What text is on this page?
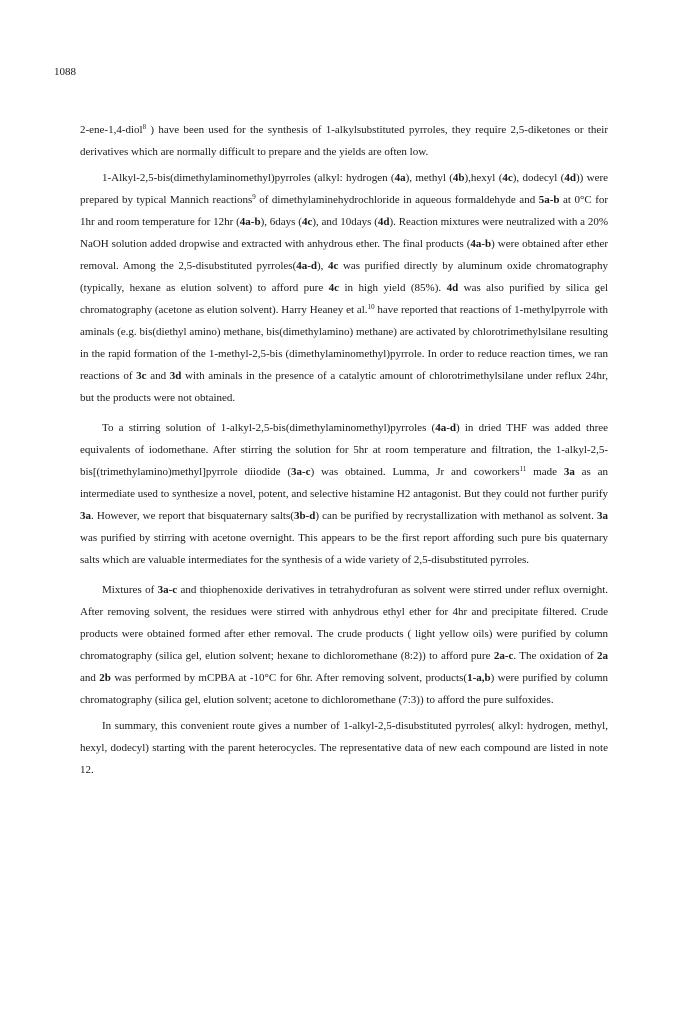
1088

2-ene-1,4-diol$^8$ ) have been used for the synthesis of 1-alkylsubstituted pyrroles, they require 2,5-diketones or their derivatives which are normally difficult to prepare and the yields are often low.

1-Alkyl-2,5-bis(dimethylaminomethyl)pyrroles (alkyl: hydrogen (4a), methyl (4b),hexyl (4c), dodecyl (4d)) were prepared by typical Mannich reactions$^9$ of dimethylaminehydrochloride in aqueous formaldehyde and 5a-b at 0°C for 1hr and room temperature for 12hr (4a-b), 6days (4c), and 10days (4d). Reaction mixtures were neutralized with a 20% NaOH solution added dropwise and extracted with anhydrous ether. The final products (4a-b) were obtained after ether removal. Among the 2,5-disubstituted pyrroles(4a-d), 4c was purified directly by aluminum oxide chromatography (typically, hexane as elution solvent) to afford pure 4c in high yield (85%). 4d was also purified by silica gel chromatography (acetone as elution solvent). Harry Heaney et al.$^{10}$ have reported that reactions of 1-methylpyrrole with aminals (e.g. bis(diethyl amino) methane, bis(dimethylamino) methane) are activated by chlorotrimethylsilane resulting in the rapid formation of the 1-methyl-2,5-bis (dimethylaminomethyl)pyrrole. In order to reduce reaction times, we ran reactions of 3c and 3d with aminals in the presence of a catalytic amount of chlorotrimethylsilane under reflux 24hr, but the products were not obtained.

To a stirring solution of 1-alkyl-2,5-bis(dimethylaminomethyl)pyrroles (4a-d) in dried THF was added three equivalents of iodomethane. After stirring the solution for 5hr at room temperature and filtration, the 1-alkyl-2,5-bis[(trimethylamino)methyl]pyrrole diiodide (3a-c) was obtained. Lumma, Jr and coworkers$^{11}$ made 3a as an intermediate used to synthesize a novel, potent, and selective histamine H2 antagonist. But they could not further purify 3a. However, we report that bisquaternary salts(3b-d) can be purified by recrystallization with methanol as solvent. 3a was purified by stirring with acetone overnight. This appears to be the first report affording such pure bis quaternary salts which are valuable intermediates for the synthesis of a wide variety of 2,5-disubstituted pyrroles.

Mixtures of 3a-c and thiophenoxide derivatives in tetrahydrofuran as solvent were stirred under reflux overnight. After removing solvent, the residues were stirred with anhydrous ethyl ether for 4hr and precipitate filtered. Crude products were obtained formed after ether removal. The crude products ( light yellow oils) were purified by column chromatography (silica gel, elution solvent; hexane to dichloromethane (8:2)) to afford pure 2a-c. The oxidation of 2a and 2b was performed by mCPBA at -10°C for 6hr. After removing solvent, products(1-a,b) were purified by column chromatography (silica gel, elution solvent; acetone to dichloromethane (7:3)) to afford the pure sulfoxides.

In summary, this convenient route gives a number of 1-alkyl-2,5-disubstituted pyrroles( alkyl: hydrogen, methyl, hexyl, dodecyl) starting with the parent heterocycles. The representative data of new each compound are listed in note 12.
